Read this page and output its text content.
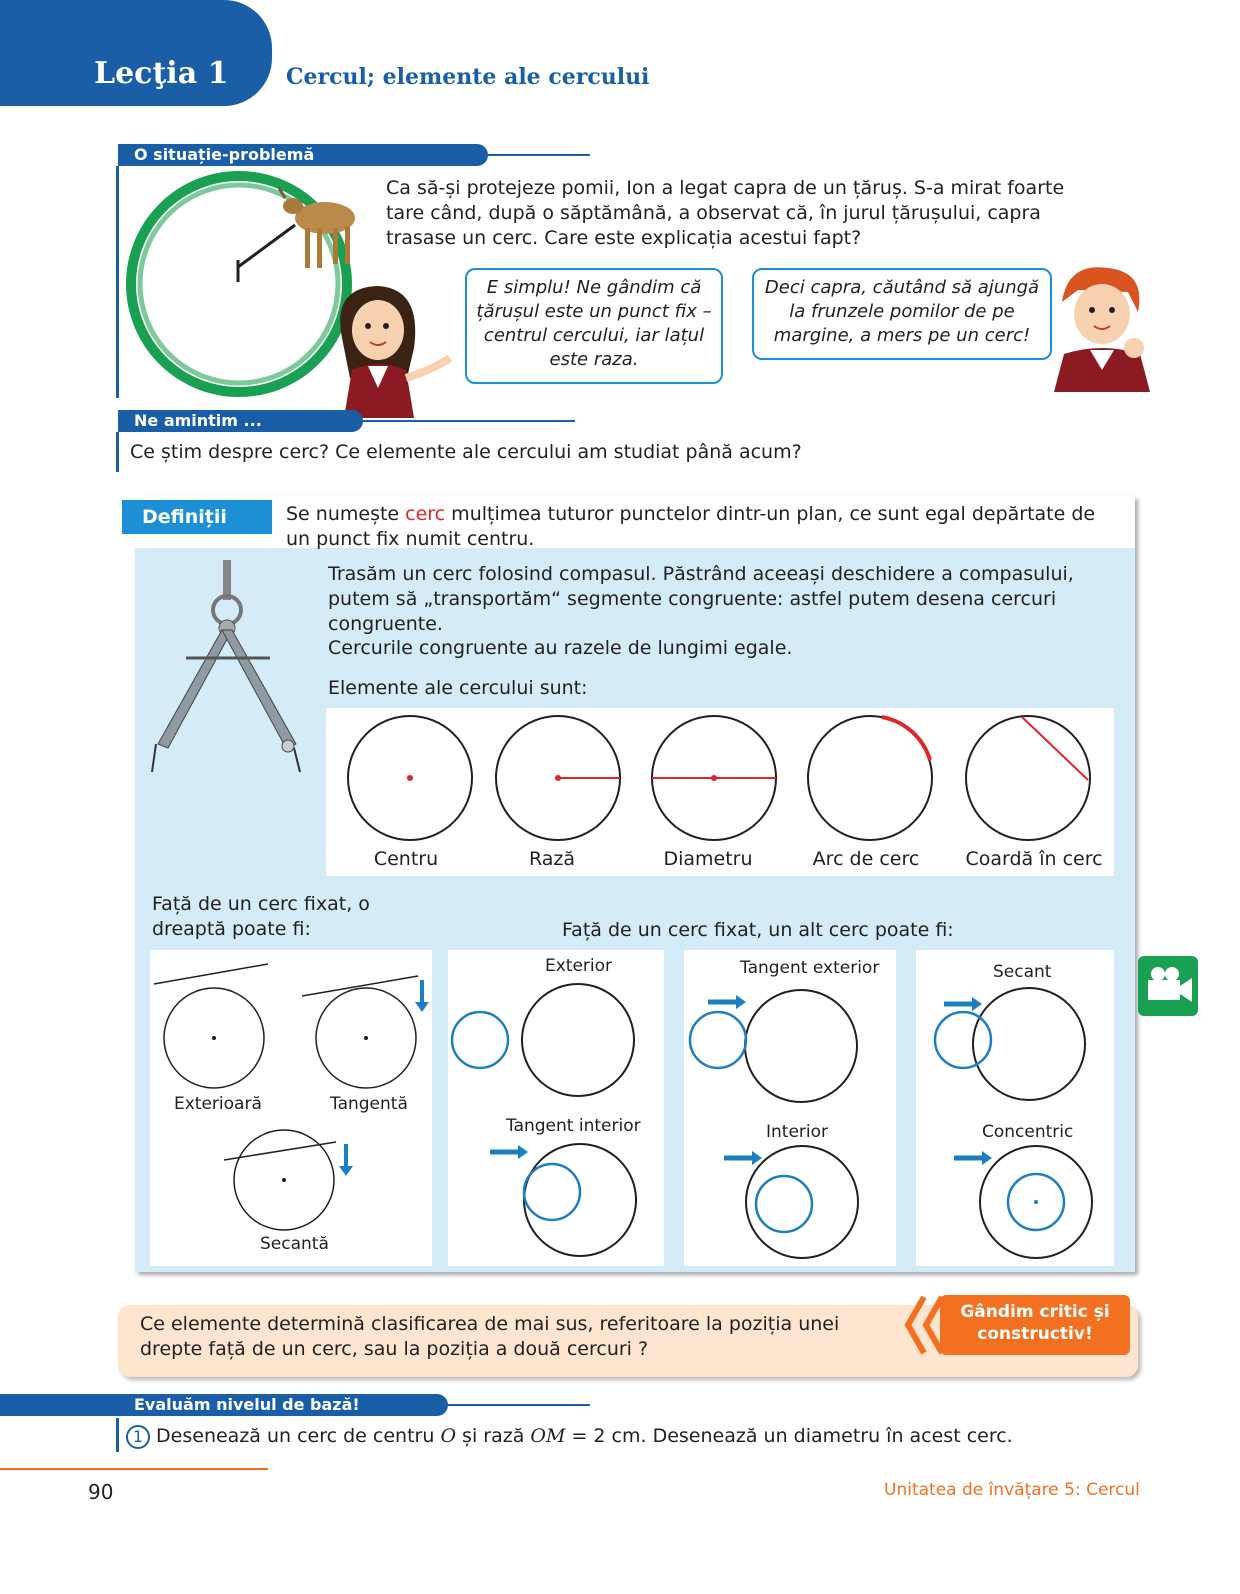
Lecţia 1	Cercul; elemente ale cercului
O situație-problemă
Ca să-și protejeze pomii, Ion a legat capra de un țăruș. S-a mirat foarte tare când, după o săptămână, a observat că, în jurul țărușului, capra trasase un cerc. Care este explicația acestui fapt?
E simplu! Ne gândim că țărușul este un punct fix – centrul cercului, iar lațul este raza.
Deci capra, căutând să ajungă la frunzele pomilor de pe margine, a mers pe un cerc!
Ne amintim ...
Ce știm despre cerc? Ce elemente ale cercului am studiat până acum?
Definiții	Se numește cerc mulțimea tuturor punctelor dintr-un plan, ce sunt egal depărtate de un punct fix numit centru.
Trasăm un cerc folosind compasul. Păstrând aceeași deschidere a compasului, putem să „transportăm“ segmente congruente: astfel putem desena cercuri congruente.
Cercurile congruente au razele de lungimi egale.
Elemente ale cercului sunt:
Centru	Rază	Diametru	Arc de cerc	Coardă în cerc
Față de un cerc fixat, o dreaptă poate fi:	Față de un cerc fixat, un alt cerc poate fi:
Exterioară	Tangentă
Secantă
Exterior	Tangent exterior	Secant
Tangent interior	Interior	Concentric
Ce elemente determină clasificarea de mai sus, referitoare la poziția unei drepte față de un cerc, sau la poziția a două cercuri ?
Gândim critic și constructiv!
Evaluăm nivelul de bază!
1 Desenează un cerc de centru O și rază OM = 2 cm. Desenează un diametru în acest cerc.
90	Unitatea de învățare 5: Cercul
